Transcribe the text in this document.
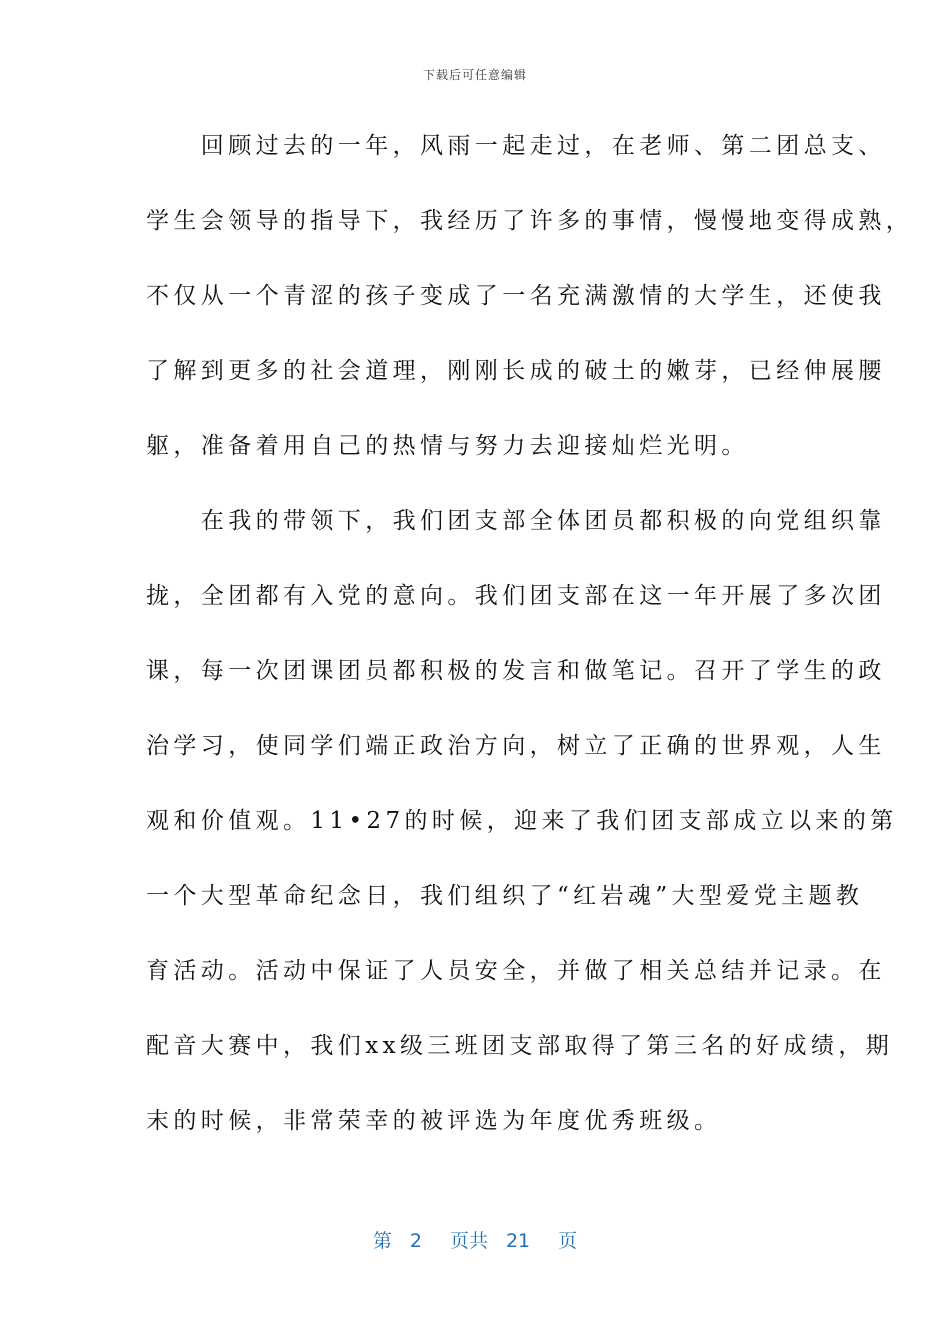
下载后可任意编辑
　　回顾过去的一年，风雨一起走过，在老师、第二团总支、
学生会领导的指导下，我经历了许多的事情，慢慢地变得成熟，
不仅从一个青涩的孩子变成了一名充满激情的大学生，还使我
了解到更多的社会道理，刚刚长成的破土的嫩芽，已经伸展腰
躯，准备着用自己的热情与努力去迎接灿烂光明。
　　在我的带领下，我们团支部全体团员都积极的向党组织靠
拢，全团都有入党的意向。我们团支部在这一年开展了多次团
课，每一次团课团员都积极的发言和做笔记。召开了学生的政
治学习，使同学们端正政治方向，树立了正确的世界观，人生
观和价值观。11•27的时候，迎来了我们团支部成立以来的第
一个大型革命纪念日，我们组织了“红岩魂”大型爱党主题教
育活动。活动中保证了人员安全，并做了相关总结并记录。在
配音大赛中，我们xx级三班团支部取得了第三名的好成绩，期
末的时候，非常荣幸的被评选为年度优秀班级。
第 2 页共 21 页
